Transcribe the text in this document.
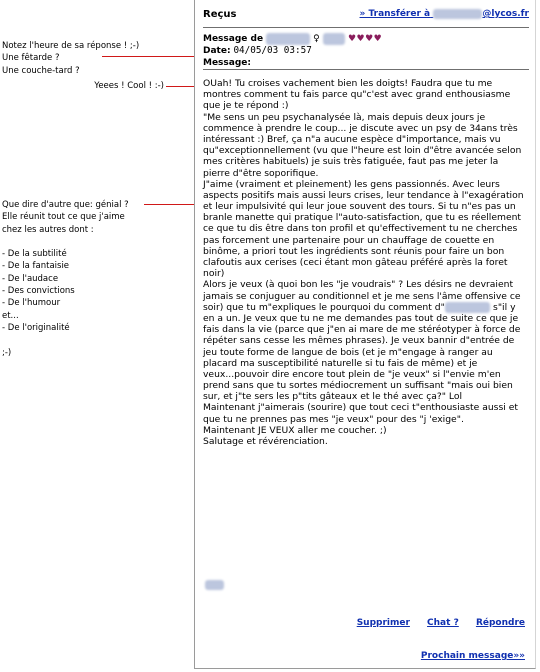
Notez l'heure de sa réponse ! ;-)
Une fêtarde ?
Une couche-tard ?
Yeees ! Cool ! :-)
Que dire d'autre que: génial ?
Elle réunit tout ce que j'aime
chez les autres dont :

- De la subtilité
- De la fantaisie
- De l'audace
- Des convictions
- De l'humour
et...
- De l'originalité

;-)
Reçus	» Transférer à	@lycos.fr
Message de	♀	♥♥♥♥
Date: 04/05/03 03:57
Message:
OUah! Tu croises vachement bien les doigts! Faudra que tu me montres comment tu fais parce qu"c'est avec grand enthousiasme que je te répond :)
"Me sens un peu psychanalysée là, mais depuis deux jours je commence à prendre le coup... je discute avec un psy de 34ans très intéressant :) Bref, ça n"a aucune espèce d"importance, mais vu qu"exceptionnellement (vu que l"heure est loin d"être avancée selon mes critères habituels) je suis très fatiguée, faut pas me jeter la pierre d"être soporifique.
J"aime (vraiment et pleinement) les gens passionnés. Avec leurs aspects positifs mais aussi leurs crises, leur tendance à l"exagération et leur impulsivité qui leur joue souvent des tours. Si tu n"es pas un branle manette qui pratique l"auto-satisfaction, que tu es réellement ce que tu dis être dans ton profil et qu'effectivement tu ne cherches pas forcement une partenaire pour un chauffage de couette en binôme, a priori tout les ingrédients sont réunis pour faire un bon clafoutis aux cerises (ceci étant mon gâteau préféré après la foret noir)
Alors je veux (à quoi bon les "je voudrais" ? Les désirs ne devraient jamais se conjuguer au conditionnel et je me sens l'âme offensive ce soir) que tu m"expliques le pourquoi du comment d"	s"il y en a un. Je veux que tu ne me demandes pas tout de suite ce que je fais dans la vie (parce que j"en ai mare de me stéréotyper à force de répéter sans cesse les mêmes phrases). Je veux bannir d"entrée de jeu toute forme de langue de bois (et je m"engage à ranger au placard ma susceptibilité naturelle si tu fais de même) et je veux...pouvoir dire encore tout plein de "je veux" si l"envie m'en prend sans que tu sortes médiocrement un suffisant "mais oui bien sur, et j"te sers les p"tits gâteaux et le thé avec ça?" Lol
Maintenant j"aimerais (sourire) que tout ceci t"enthousiaste aussi et que tu ne prennes pas mes "je veux" pour des "j 'exige".
Maintenant JE VEUX aller me coucher. ;)
Salutage et révérenciation.
Supprimer Chat ? Répondre
Prochain message»»
